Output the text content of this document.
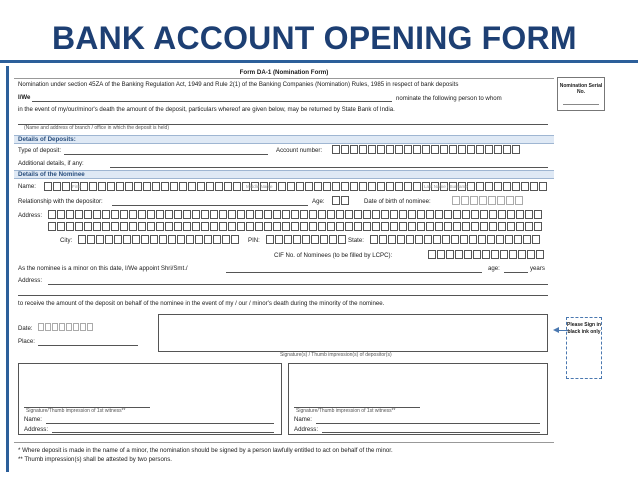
BANK ACCOUNT OPENING FORM
Form DA-1 (Nomination Form)
Nomination under section 45ZA of the Banking Regulation Act, 1949 and Rule 2(1) of the Banking Companies (Nomination) Rules, 1985 in respect of bank deposits
I/We	nominate the following person to whom
in the event of my/our/minor's death the amount of the deposit, particulars whereof are given below, may be returned by State Bank of India.
(Name and address of branch / office in which the deposit is held)
Details of Deposits:
Type of deposit:	Account number:
Additional details, if any:
Details of the Nominee
Name:	First	Middle Name	Last Name / Surname
Relationship with the depositor:	Age:	Date of birth of nominee:
Address:
City:	PIN:	State:
CIF No. of Nominees (to be filled by LCPC):
As the nominee is a minor on this date, I/We appoint Shri/Smt./	age:	years
Address:
to receive the amount of the deposit on behalf of the nominee in the event of my / our / minor's death during the minority of the nominee.
Date:
Place:
Signature(s) / Thumb impression(s) of depositor(s)
Signature/Thumb impression of 1st witness**
Name:
Address:
Signature/Thumb impression of 1st witness**
Name:
Address:
* Where deposit is made in the name of a minor, the nomination should be signed by a person lawfully entitled to act on behalf of the minor.
** Thumb impression(s) shall be attested by two persons.
Nomination Serial No.
Please Sign in black ink only
